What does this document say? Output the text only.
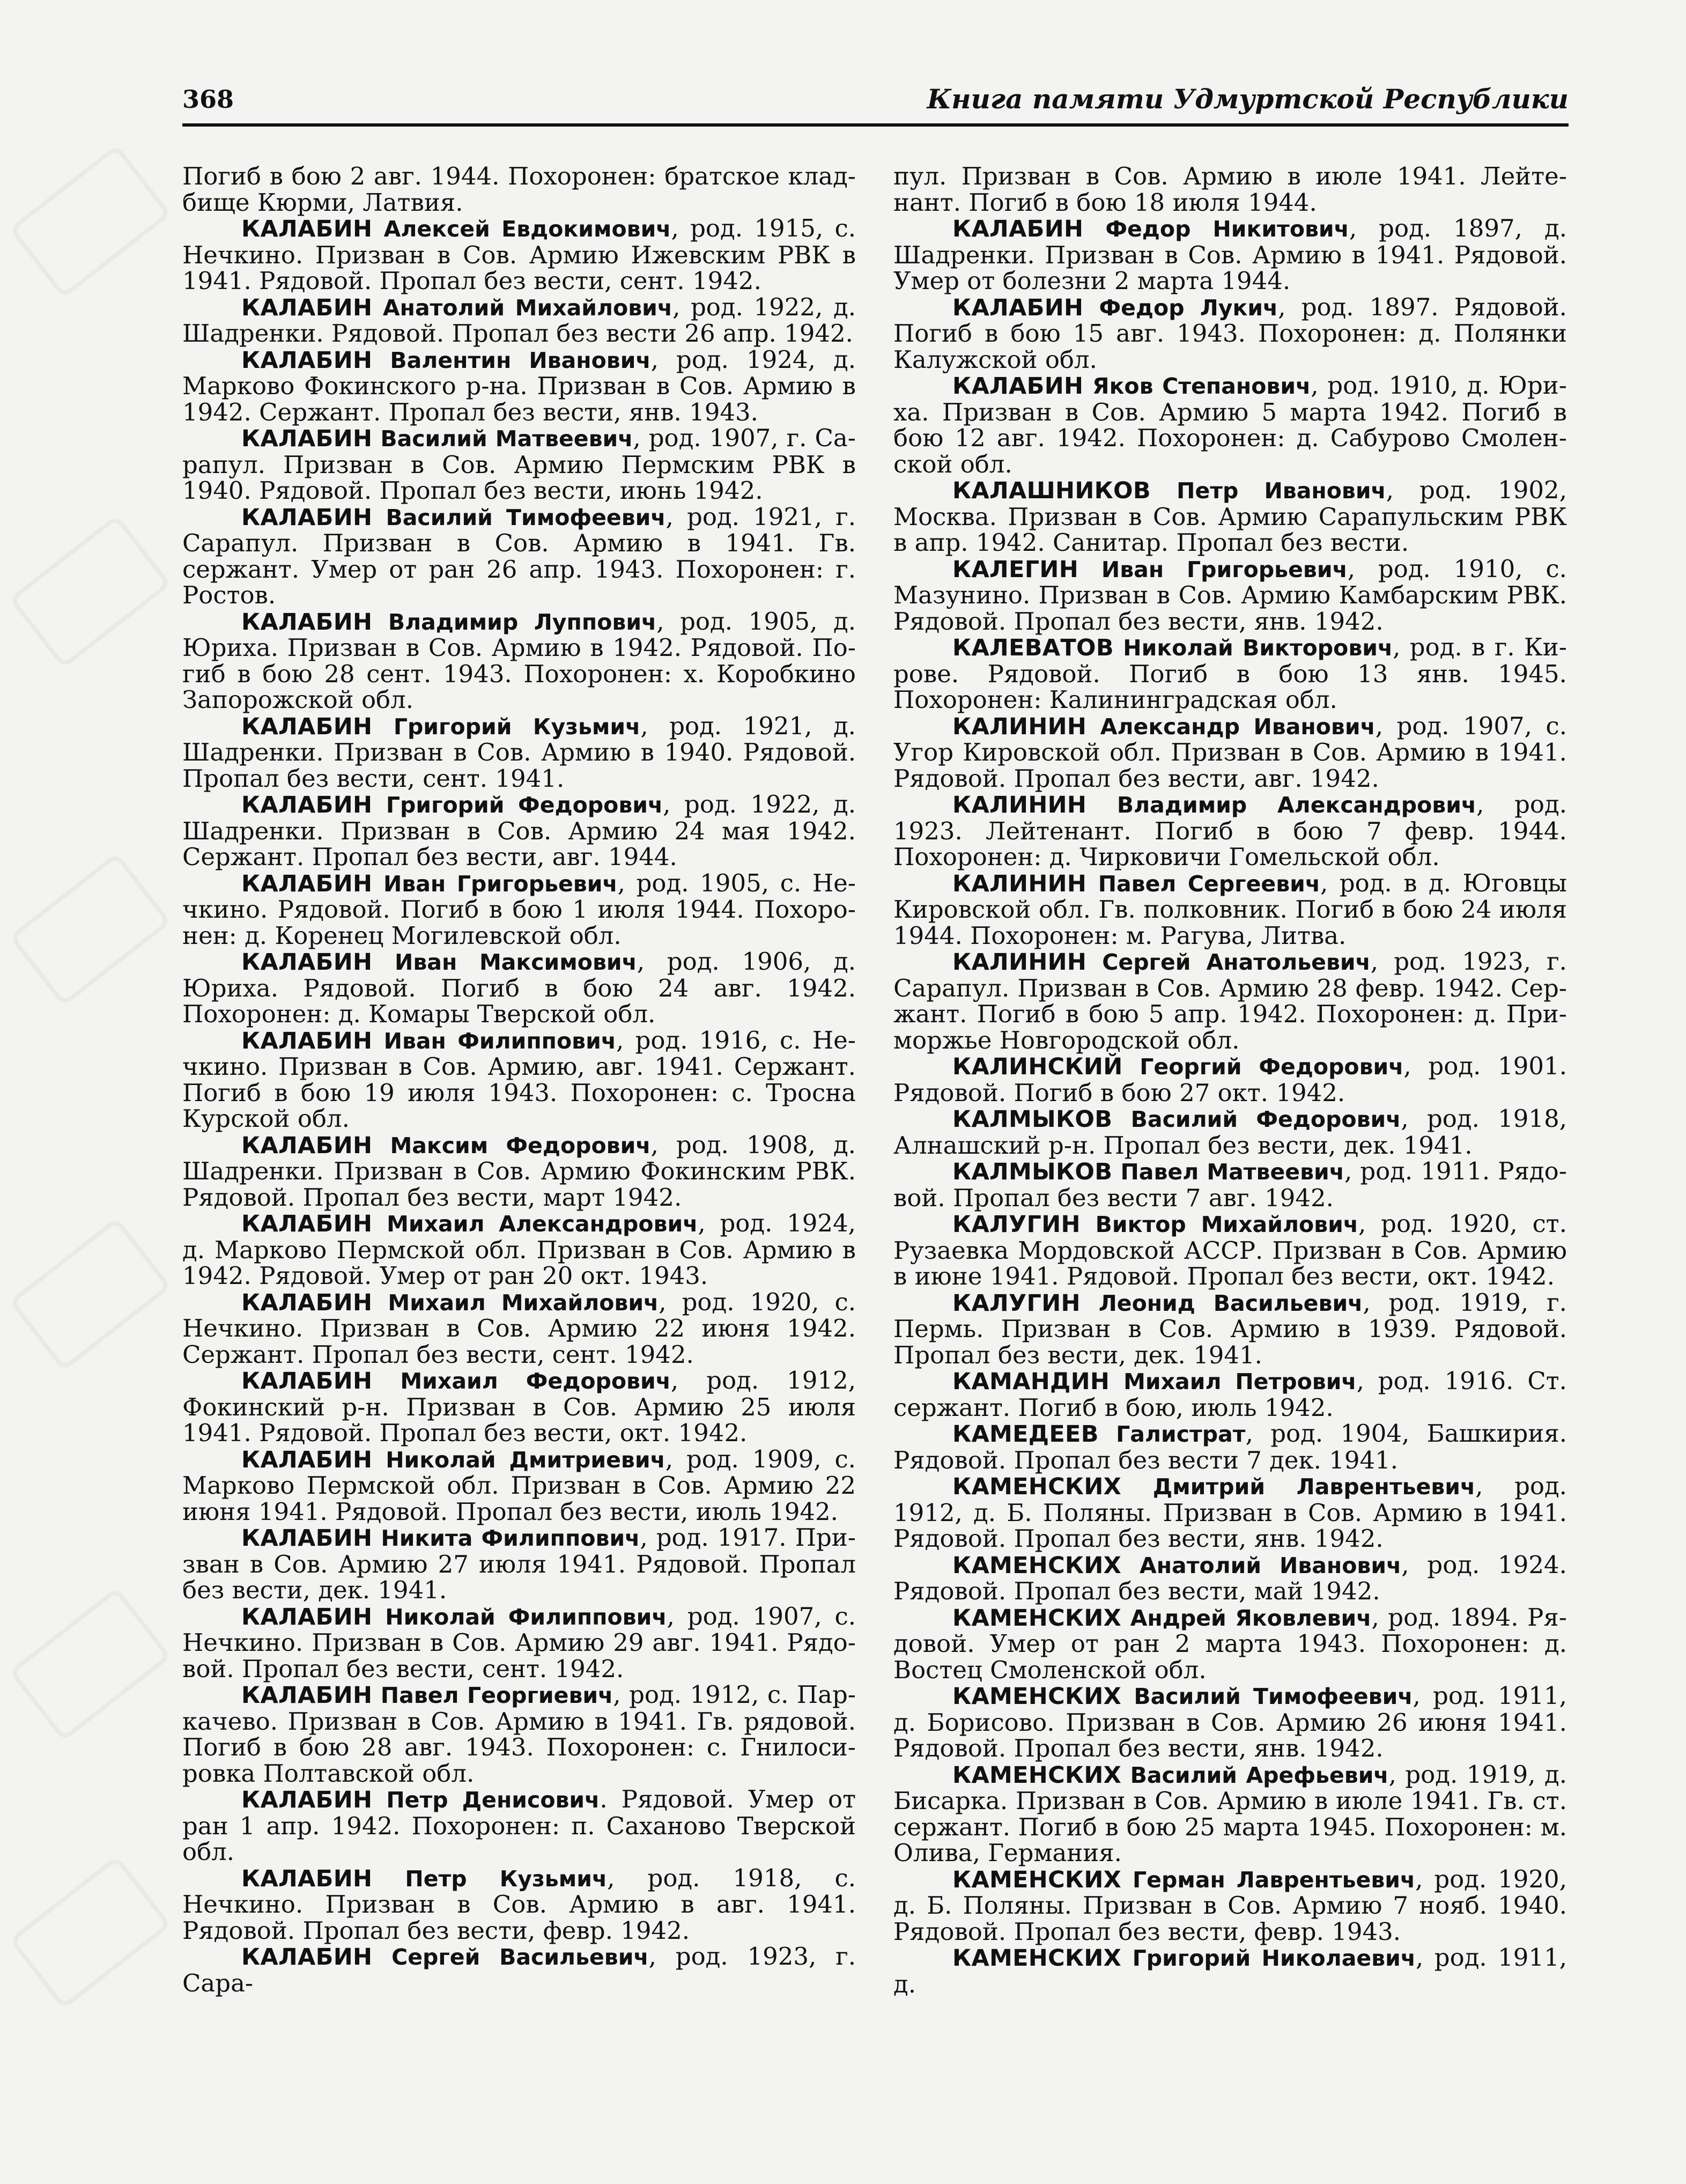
368	Книга памяти Удмуртской Республики

Погиб в бою 2 авг. 1944. Похоронен: братское кладбище Кюрми, Латвия.

КАЛАБИН Алексей Евдокимович, род. 1915, с. Нечкино. Призван в Сов. Армию Ижевским РВК в 1941. Рядовой. Пропал без вести, сент. 1942.

КАЛАБИН Анатолий Михайлович, род. 1922, д. Шадренки. Рядовой. Пропал без вести 26 апр. 1942.

КАЛАБИН Валентин Иванович, род. 1924, д. Марково Фокинского р-на. Призван в Сов. Армию в 1942. Сержант. Пропал без вести, янв. 1943.

КАЛАБИН Василий Матвеевич, род. 1907, г. Сарапул. Призван в Сов. Армию Пермским РВК в 1940. Рядовой. Пропал без вести, июнь 1942.

КАЛАБИН Василий Тимофеевич, род. 1921, г. Сарапул. Призван в Сов. Армию в 1941. Гв. сержант. Умер от ран 26 апр. 1943. Похоронен: г. Ростов.

КАЛАБИН Владимир Луппович, род. 1905, д. Юриха. Призван в Сов. Армию в 1942. Рядовой. Погиб в бою 28 сент. 1943. Похоронен: х. Коробкино Запорожской обл.

КАЛАБИН Григорий Кузьмич, род. 1921, д. Шадренки. Призван в Сов. Армию в 1940. Рядовой. Пропал без вести, сент. 1941.

КАЛАБИН Григорий Федорович, род. 1922, д. Шадренки. Призван в Сов. Армию 24 мая 1942. Сержант. Пропал без вести, авг. 1944.

КАЛАБИН Иван Григорьевич, род. 1905, с. Нечкино. Рядовой. Погиб в бою 1 июля 1944. Похоронен: д. Коренец Могилевской обл.

КАЛАБИН Иван Максимович, род. 1906, д. Юриха. Рядовой. Погиб в бою 24 авг. 1942. Похоронен: д. Комары Тверской обл.

КАЛАБИН Иван Филиппович, род. 1916, с. Нечкино. Призван в Сов. Армию, авг. 1941. Сержант. Погиб в бою 19 июля 1943. Похоронен: с. Тросна Курской обл.

КАЛАБИН Максим Федорович, род. 1908, д. Шадренки. Призван в Сов. Армию Фокинским РВК. Рядовой. Пропал без вести, март 1942.

КАЛАБИН Михаил Александрович, род. 1924, д. Марково Пермской обл. Призван в Сов. Армию в 1942. Рядовой. Умер от ран 20 окт. 1943.

КАЛАБИН Михаил Михайлович, род. 1920, с. Нечкино. Призван в Сов. Армию 22 июня 1942. Сержант. Пропал без вести, сент. 1942.

КАЛАБИН Михаил Федорович, род. 1912, Фокинский р-н. Призван в Сов. Армию 25 июля 1941. Рядовой. Пропал без вести, окт. 1942.

КАЛАБИН Николай Дмитриевич, род. 1909, с. Марково Пермской обл. Призван в Сов. Армию 22 июня 1941. Рядовой. Пропал без вести, июль 1942.

КАЛАБИН Никита Филиппович, род. 1917. Призван в Сов. Армию 27 июля 1941. Рядовой. Пропал без вести, дек. 1941.

КАЛАБИН Николай Филиппович, род. 1907, с. Нечкино. Призван в Сов. Армию 29 авг. 1941. Рядовой. Пропал без вести, сент. 1942.

КАЛАБИН Павел Георгиевич, род. 1912, с. Паркачево. Призван в Сов. Армию в 1941. Гв. рядовой. Погиб в бою 28 авг. 1943. Похоронен: с. Гнилосировка Полтавской обл.

КАЛАБИН Петр Денисович. Рядовой. Умер от ран 1 апр. 1942. Похоронен: п. Саханово Тверской обл.

КАЛАБИН Петр Кузьмич, род. 1918, с. Нечкино. Призван в Сов. Армию в авг. 1941. Рядовой. Пропал без вести, февр. 1942.

КАЛАБИН Сергей Васильевич, род. 1923, г. Сара-

пул. Призван в Сов. Армию в июле 1941. Лейтенант. Погиб в бою 18 июля 1944.

КАЛАБИН Федор Никитович, род. 1897, д. Шадренки. Призван в Сов. Армию в 1941. Рядовой. Умер от болезни 2 марта 1944.

КАЛАБИН Федор Лукич, род. 1897. Рядовой. Погиб в бою 15 авг. 1943. Похоронен: д. Полянки Калужской обл.

КАЛАБИН Яков Степанович, род. 1910, д. Юриха. Призван в Сов. Армию 5 марта 1942. Погиб в бою 12 авг. 1942. Похоронен: д. Сабурово Смоленской обл.

КАЛАШНИКОВ Петр Иванович, род. 1902, Москва. Призван в Сов. Армию Сарапульским РВК в апр. 1942. Санитар. Пропал без вести.

КАЛЕГИН Иван Григорьевич, род. 1910, с. Мазунино. Призван в Сов. Армию Камбарским РВК. Рядовой. Пропал без вести, янв. 1942.

КАЛЕВАТОВ Николай Викторович, род. в г. Кирове. Рядовой. Погиб в бою 13 янв. 1945. Похоронен: Калининградская обл.

КАЛИНИН Александр Иванович, род. 1907, с. Угор Кировской обл. Призван в Сов. Армию в 1941. Рядовой. Пропал без вести, авг. 1942.

КАЛИНИН Владимир Александрович, род. 1923. Лейтенант. Погиб в бою 7 февр. 1944. Похоронен: д. Чирковичи Гомельской обл.

КАЛИНИН Павел Сергеевич, род. в д. Юговцы Кировской обл. Гв. полковник. Погиб в бою 24 июля 1944. Похоронен: м. Рагува, Литва.

КАЛИНИН Сергей Анатольевич, род. 1923, г. Сарапул. Призван в Сов. Армию 28 февр. 1942. Сержант. Погиб в бою 5 апр. 1942. Похоронен: д. Приморжье Новгородской обл.

КАЛИНСКИЙ Георгий Федорович, род. 1901. Рядовой. Погиб в бою 27 окт. 1942.

КАЛМЫКОВ Василий Федорович, род. 1918, Алнашский р-н. Пропал без вести, дек. 1941.

КАЛМЫКОВ Павел Матвеевич, род. 1911. Рядовой. Пропал без вести 7 авг. 1942.

КАЛУГИН Виктор Михайлович, род. 1920, ст. Рузаевка Мордовской АССР. Призван в Сов. Армию в июне 1941. Рядовой. Пропал без вести, окт. 1942.

КАЛУГИН Леонид Васильевич, род. 1919, г. Пермь. Призван в Сов. Армию в 1939. Рядовой. Пропал без вести, дек. 1941.

КАМАНДИН Михаил Петрович, род. 1916. Ст. сержант. Погиб в бою, июль 1942.

КАМЕДЕЕВ Галистрат, род. 1904, Башкирия. Рядовой. Пропал без вести 7 дек. 1941.

КАМЕНСКИХ Дмитрий Лаврентьевич, род. 1912, д. Б. Поляны. Призван в Сов. Армию в 1941. Рядовой. Пропал без вести, янв. 1942.

КАМЕНСКИХ Анатолий Иванович, род. 1924. Рядовой. Пропал без вести, май 1942.

КАМЕНСКИХ Андрей Яковлевич, род. 1894. Рядовой. Умер от ран 2 марта 1943. Похоронен: д. Востец Смоленской обл.

КАМЕНСКИХ Василий Тимофеевич, род. 1911, д. Борисово. Призван в Сов. Армию 26 июня 1941. Рядовой. Пропал без вести, янв. 1942.

КАМЕНСКИХ Василий Арефьевич, род. 1919, д. Бисарка. Призван в Сов. Армию в июле 1941. Гв. ст. сержант. Погиб в бою 25 марта 1945. Похоронен: м. Олива, Германия.

КАМЕНСКИХ Герман Лаврентьевич, род. 1920, д. Б. Поляны. Призван в Сов. Армию 7 нояб. 1940. Рядовой. Пропал без вести, февр. 1943.

КАМЕНСКИХ Григорий Николаевич, род. 1911, д.
